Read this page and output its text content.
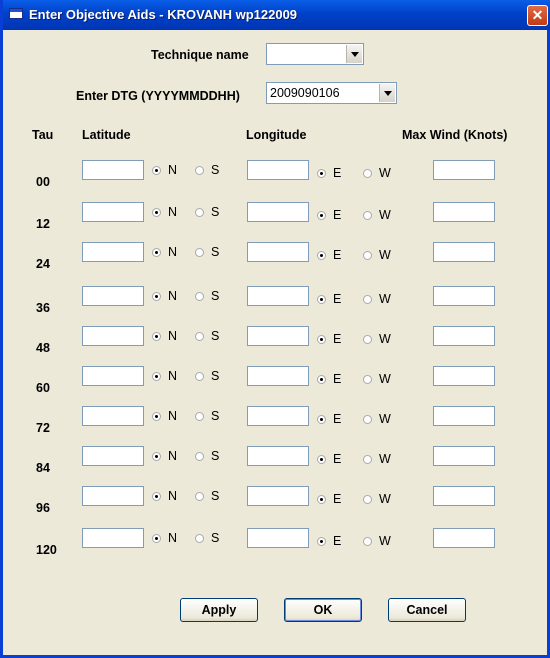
Enter Objective Aids - KROVANH wp122009	✕
Technique name
Enter DTG (YYYYMMDDHH) 2009090106
Tau Latitude	Longitude	Max Wind (Knots)
00
N	S	E	W
12
N	S	E	W
24
N	S	E	W
36
N	S	E	W
48
N	S	E	W
60
N	S	E	W
72
N	S	E	W
84
N	S	E	W
96
N	S	E	W
120
N	S	E	W
Apply	OK	Cancel
